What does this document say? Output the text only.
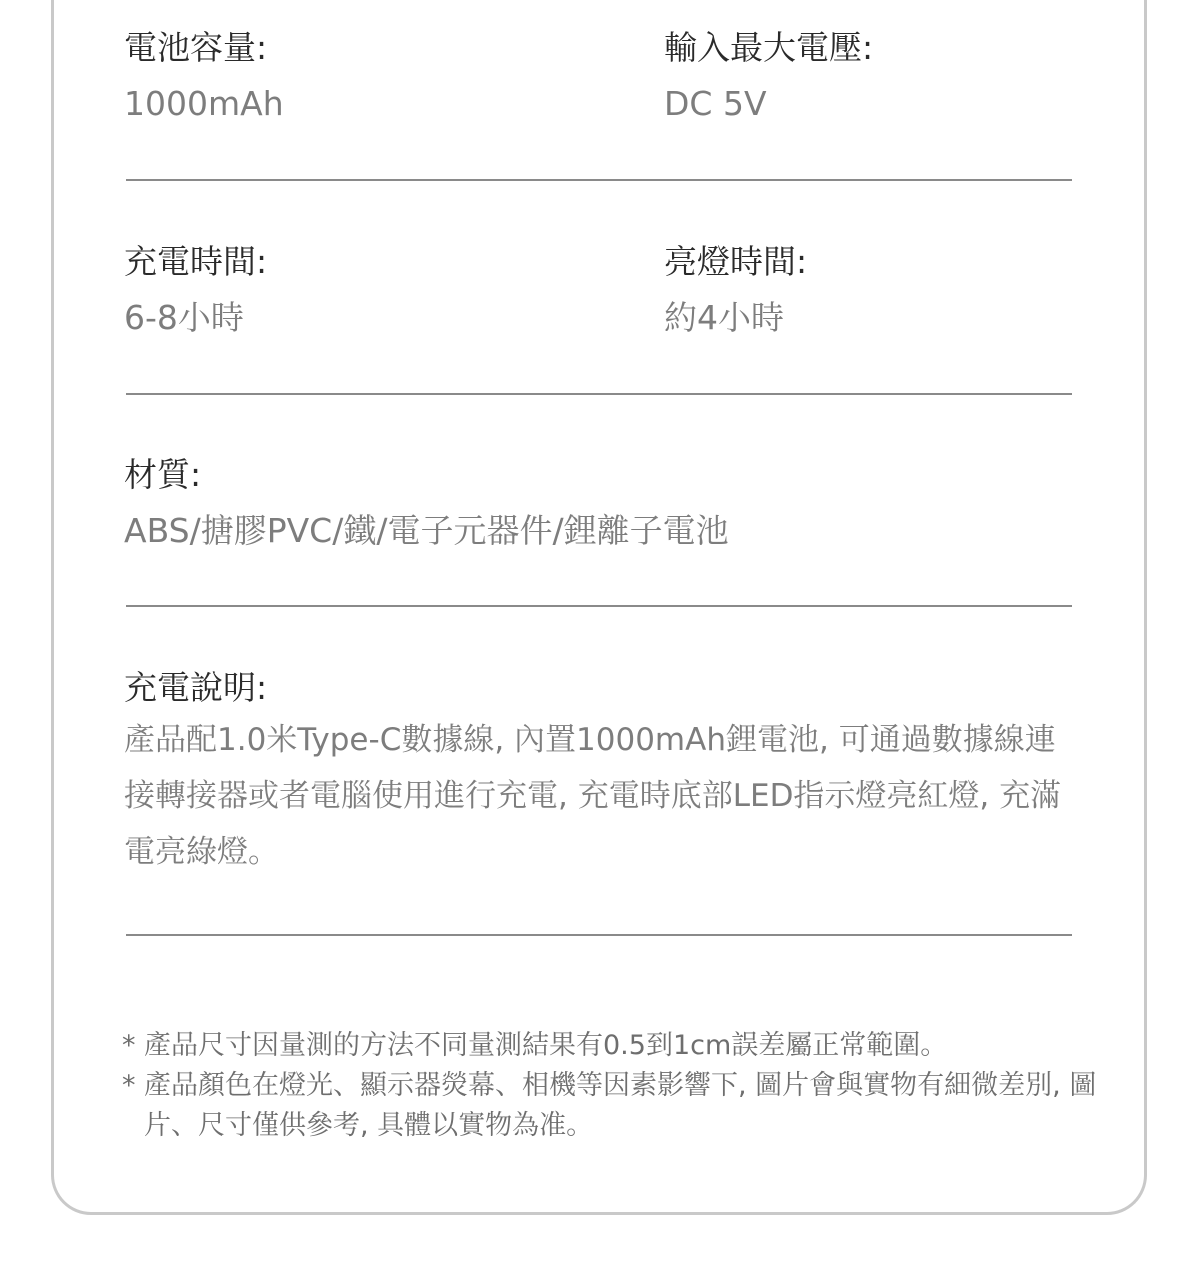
電池容量:
1000mAh
輸入最大電壓:
DC 5V
充電時間:
6-8小時
亮燈時間:
約4小時
材質:
ABS/搪膠PVC/鐵/電子元器件/鋰離子電池
充電說明:
產品配1.0米Type-C數據線, 內置1000mAh鋰電池, 可通過數據線連接轉接器或者電腦使用進行充電, 充電時底部LED指示燈亮紅燈, 充滿電亮綠燈。
* 產品尺寸因量測的方法不同量測結果有0.5到1cm誤差屬正常範圍。
* 產品顏色在燈光、顯示器熒幕、相機等因素影響下, 圖片會與實物有細微差別, 圖片、尺寸僅供參考, 具體以實物為准。
